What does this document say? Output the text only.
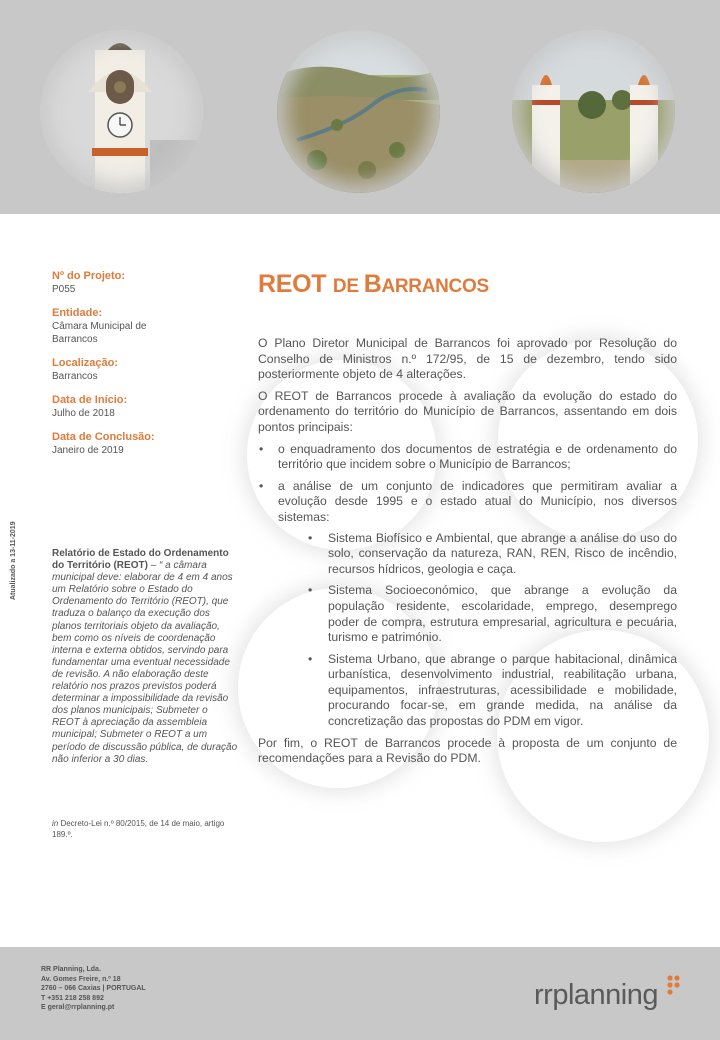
Nº do Projeto:
P055
Entidade:
Câmara Municipal de Barrancos
Localização:
Barrancos
Data de Início:
Julho de 2018
Data de Conclusão:
Janeiro de 2019
Atualizado a 13-11-2019	Relatório de Estado do Ordenamento do Território (REOT) – “ a câmara municipal deve: elaborar de 4 em 4 anos um Relatório sobre o Estado do Ordenamento do Território (REOT), que traduza o balanço da execução dos planos territoriais objeto da avaliação, bem como os níveis de coordenação interna e externa obtidos, servindo para fundamentar uma eventual necessidade de revisão. A não elaboração deste relatório nos prazos previstos poderá determinar a impossibilidade da revisão dos planos municipais; Submeter o REOT à apreciação da assembleia municipal; Submeter o REOT a um período de discussão pública, de duração não inferior a 30 dias.
in Decreto-Lei n.º 80/2015, de 14 de maio, artigo 189.º.
REOT DE BARRANCOS

O Plano Diretor Municipal de Barrancos foi aprovado por Resolução do Conselho de Ministros n.º 172/95, de 15 de dezembro, tendo sido posteriormente objeto de 4 alterações.

O REOT de Barrancos procede à avaliação da evolução do estado do ordenamento do território do Município de Barrancos, assentando em dois pontos principais:

• o enquadramento dos documentos de estratégia e de ordenamento do território que incidem sobre o Município de Barrancos;
• a análise de um conjunto de indicadores que permitiram avaliar a evolução desde 1995 e o estado atual do Município, nos diversos sistemas:
• Sistema Biofísico e Ambiental, que abrange a análise do uso do solo, conservação da natureza, RAN, REN, Risco de incêndio, recursos hídricos, geologia e caça.
• Sistema Socioeconómico, que abrange a evolução da população residente, escolaridade, emprego, desemprego poder de compra, estrutura empresarial, agricultura e pecuária, turismo e património.
• Sistema Urbano, que abrange o parque habitacional, dinâmica urbanística, desenvolvimento industrial, reabilitação urbana, equipamentos, infraestruturas, acessibilidade e mobilidade, procurando focar-se, em grande medida, na análise da concretização das propostas do PDM em vigor.

Por fim, o REOT de Barrancos procede à proposta de um conjunto de recomendações para a Revisão do PDM.

RR Planning, Lda.
Av. Gomes Freire, n.º 18
2760 – 066 Caxias | PORTUGAL
T +351 218 258 892
E geral@rrplanning.pt	rrplanning
